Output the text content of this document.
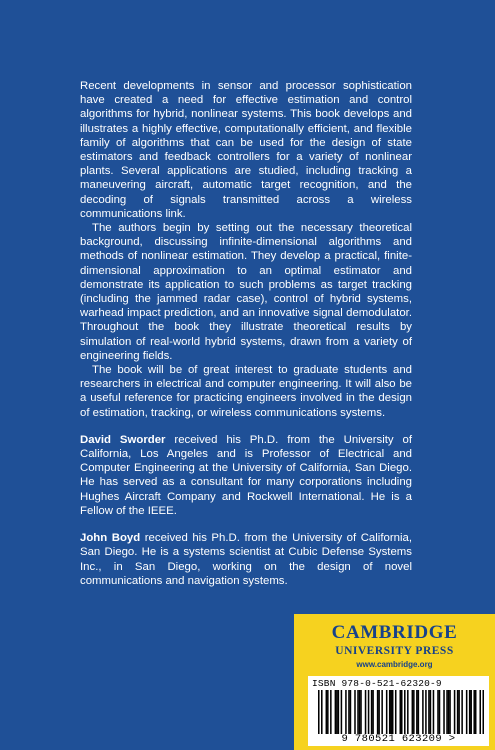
Recent developments in sensor and processor sophistication have created a need for effective estimation and control algorithms for hybrid, nonlinear systems. This book develops and illustrates a highly effective, computationally efficient, and flexible family of algorithms that can be used for the design of state estimators and feedback controllers for a variety of nonlinear plants. Several applications are studied, including tracking a maneuvering aircraft, automatic target recognition, and the decoding of signals transmitted across a wireless communications link.

The authors begin by setting out the necessary theoretical background, discussing infinite-dimensional algorithms and methods of nonlinear estimation. They develop a practical, finite-dimensional approximation to an optimal estimator and demonstrate its application to such problems as target tracking (including the jammed radar case), control of hybrid systems, warhead impact prediction, and an innovative signal demodulator. Throughout the book they illustrate theoretical results by simulation of real-world hybrid systems, drawn from a variety of engineering fields.

The book will be of great interest to graduate students and researchers in electrical and computer engineering. It will also be a useful reference for practicing engineers involved in the design of estimation, tracking, or wireless communications systems.

David Sworder received his Ph.D. from the University of California, Los Angeles and is Professor of Electrical and Computer Engineering at the University of California, San Diego. He has served as a consultant for many corporations including Hughes Aircraft Company and Rockwell International. He is a Fellow of the IEEE.

John Boyd received his Ph.D. from the University of California, San Diego. He is a systems scientist at Cubic Defense Systems Inc., in San Diego, working on the design of novel communications and navigation systems.

CAMBRIDGE
UNIVERSITY PRESS
www.cambridge.org
ISBN 978-0-521-62320-9
9 780521 623209 >
